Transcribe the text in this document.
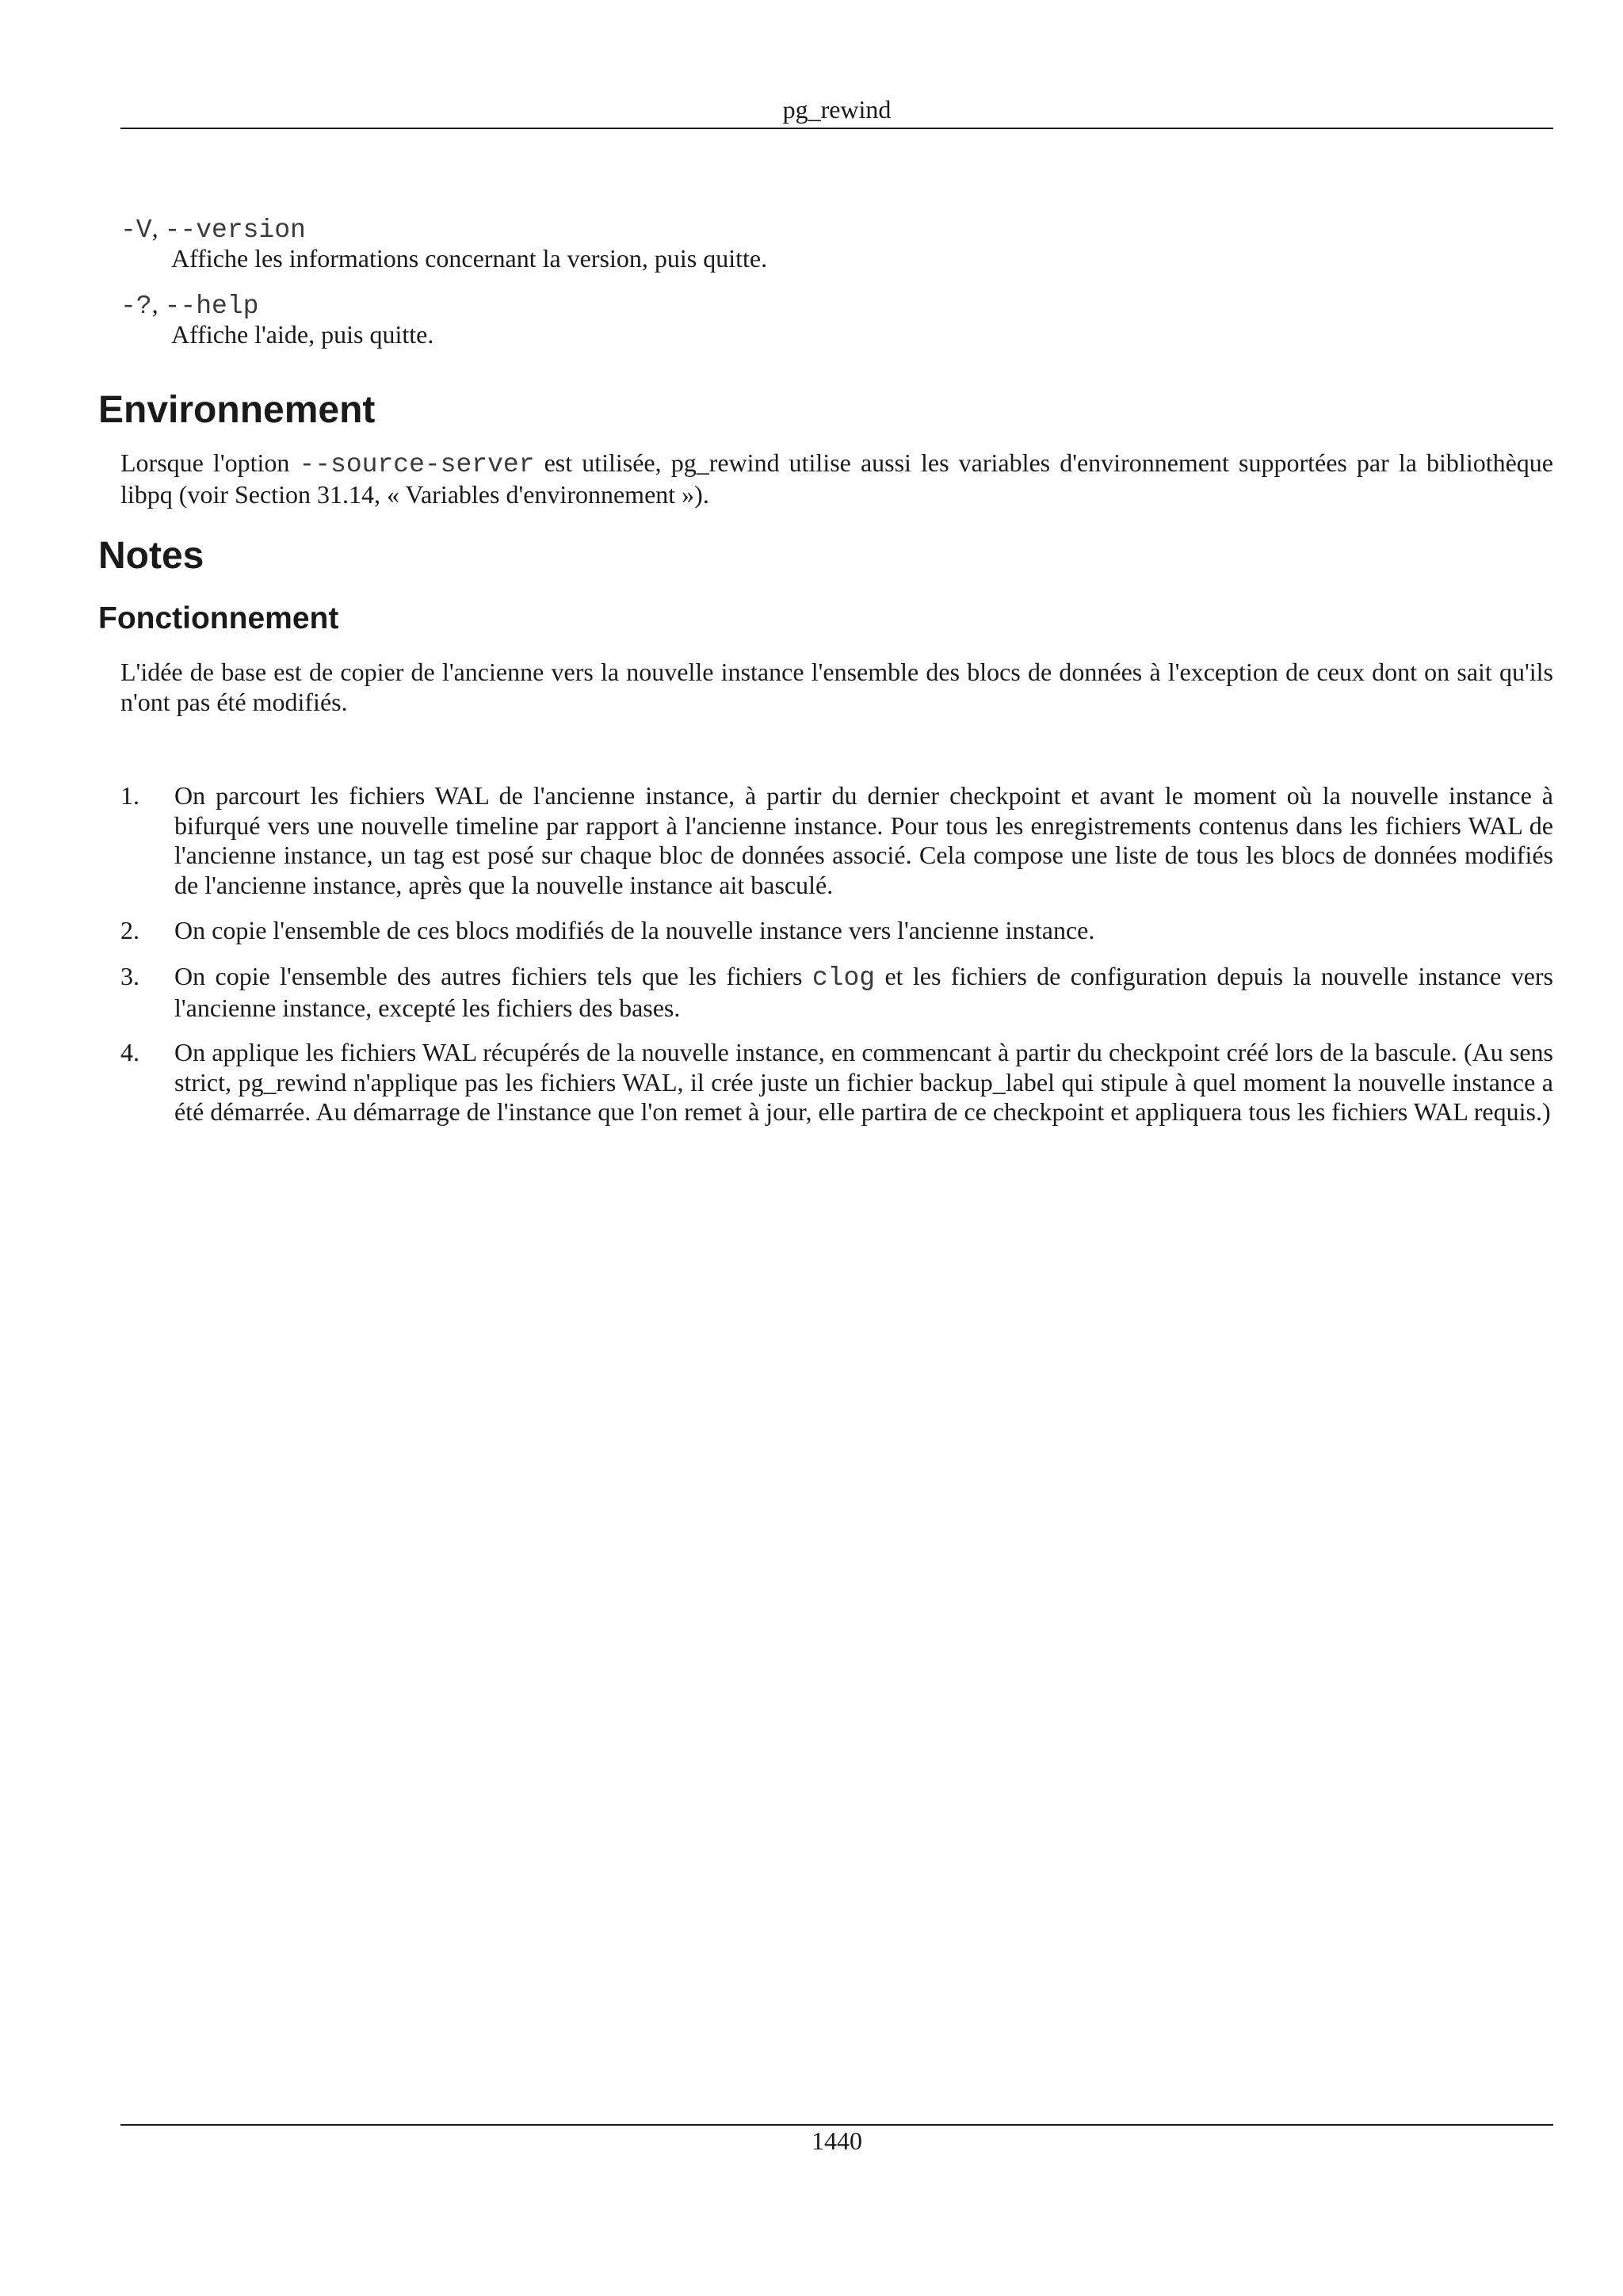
pg_rewind
-V, --version
Affiche les informations concernant la version, puis quitte.
-?, --help
Affiche l'aide, puis quitte.
Environnement

Lorsque l'option --source-server est utilisée, pg_rewind utilise aussi les variables d'environnement supportées par la bibliothèque libpq (voir Section 31.14, « Variables d'environnement »).

Notes
Fonctionnement

L'idée de base est de copier de l'ancienne vers la nouvelle instance l'ensemble des blocs de données à l'exception de ceux dont on sait qu'ils n'ont pas été modifiés.

1. On parcourt les fichiers WAL de l'ancienne instance, à partir du dernier checkpoint et avant le moment où la nouvelle instance à bifurqué vers une nouvelle timeline par rapport à l'ancienne instance. Pour tous les enregistrements contenus dans les fichiers WAL de l'ancienne instance, un tag est posé sur chaque bloc de données associé. Cela compose une liste de tous les blocs de données modifiés de l'ancienne instance, après que la nouvelle instance ait basculé.

2. On copie l'ensemble de ces blocs modifiés de la nouvelle instance vers l'ancienne instance.

3. On copie l'ensemble des autres fichiers tels que les fichiers clog et les fichiers de configuration depuis la nouvelle instance vers l'ancienne instance, excepté les fichiers des bases.

4. On applique les fichiers WAL récupérés de la nouvelle instance, en commencant à partir du checkpoint créé lors de la bascule. (Au sens strict, pg_rewind n'applique pas les fichiers WAL, il crée juste un fichier backup_label qui stipule à quel moment la nouvelle instance a été démarrée. Au démarrage de l'instance que l'on remet à jour, elle partira de ce checkpoint et appliquera tous les fichiers WAL requis.)

1440
